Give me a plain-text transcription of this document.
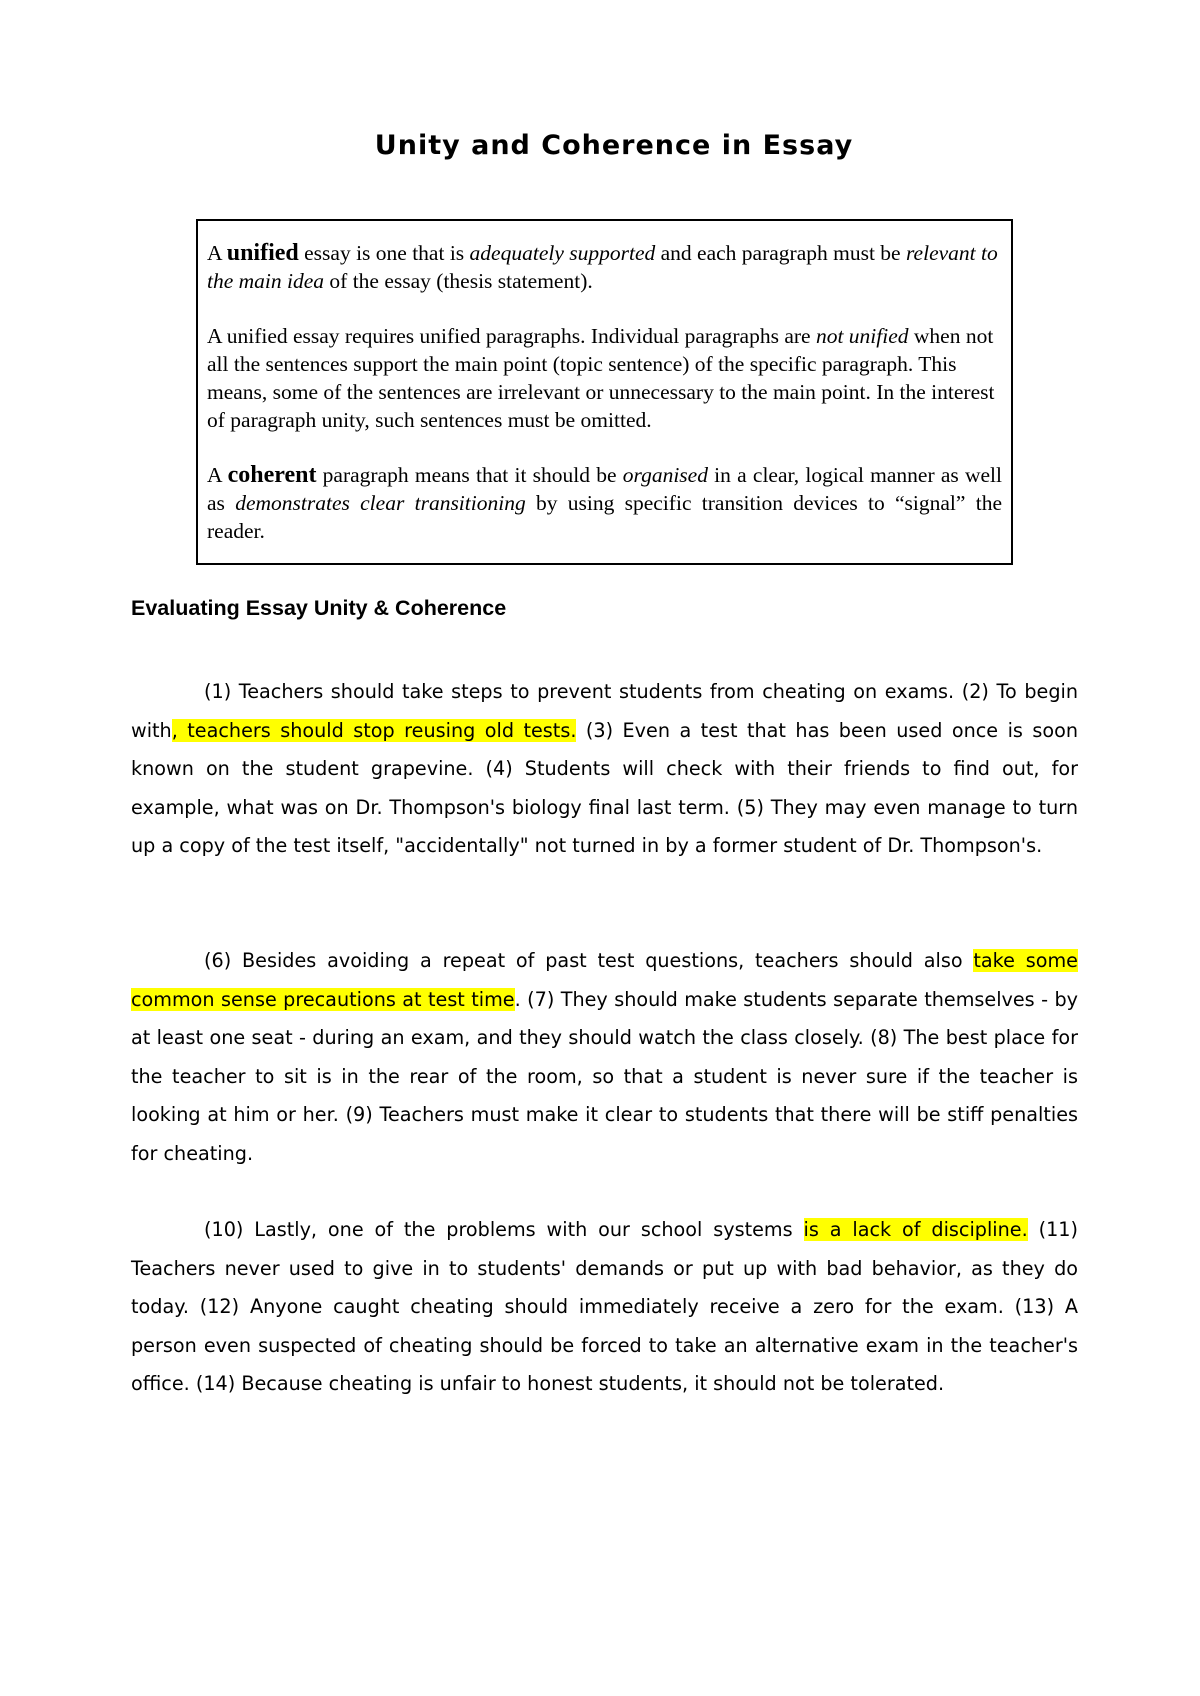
Unity and Coherence in Essay

A unified essay is one that is adequately supported and each paragraph must be relevant to the main idea of the essay (thesis statement).

A unified essay requires unified paragraphs. Individual paragraphs are not unified when not all the sentences support the main point (topic sentence) of the specific paragraph. This means, some of the sentences are irrelevant or unnecessary to the main point. In the interest of paragraph unity, such sentences must be omitted.

A coherent paragraph means that it should be organised in a clear, logical manner as well as demonstrates clear transitioning by using specific transition devices to “signal” the reader.

Evaluating Essay Unity & Coherence

(1) Teachers should take steps to prevent students from cheating on exams. (2) To begin with, teachers should stop reusing old tests. (3) Even a test that has been used once is soon known on the student grapevine. (4) Students will check with their friends to find out, for example, what was on Dr. Thompson's biology final last term. (5) They may even manage to turn up a copy of the test itself, "accidentally" not turned in by a former student of Dr. Thompson's.

(6) Besides avoiding a repeat of past test questions, teachers should also take some common sense precautions at test time. (7) They should make students separate themselves - by at least one seat - during an exam, and they should watch the class closely. (8) The best place for the teacher to sit is in the rear of the room, so that a student is never sure if the teacher is looking at him or her. (9) Teachers must make it clear to students that there will be stiff penalties for cheating.

(10) Lastly, one of the problems with our school systems is a lack of discipline. (11) Teachers never used to give in to students' demands or put up with bad behavior, as they do today. (12) Anyone caught cheating should immediately receive a zero for the exam. (13) A person even suspected of cheating should be forced to take an alternative exam in the teacher's office. (14) Because cheating is unfair to honest students, it should not be tolerated.
